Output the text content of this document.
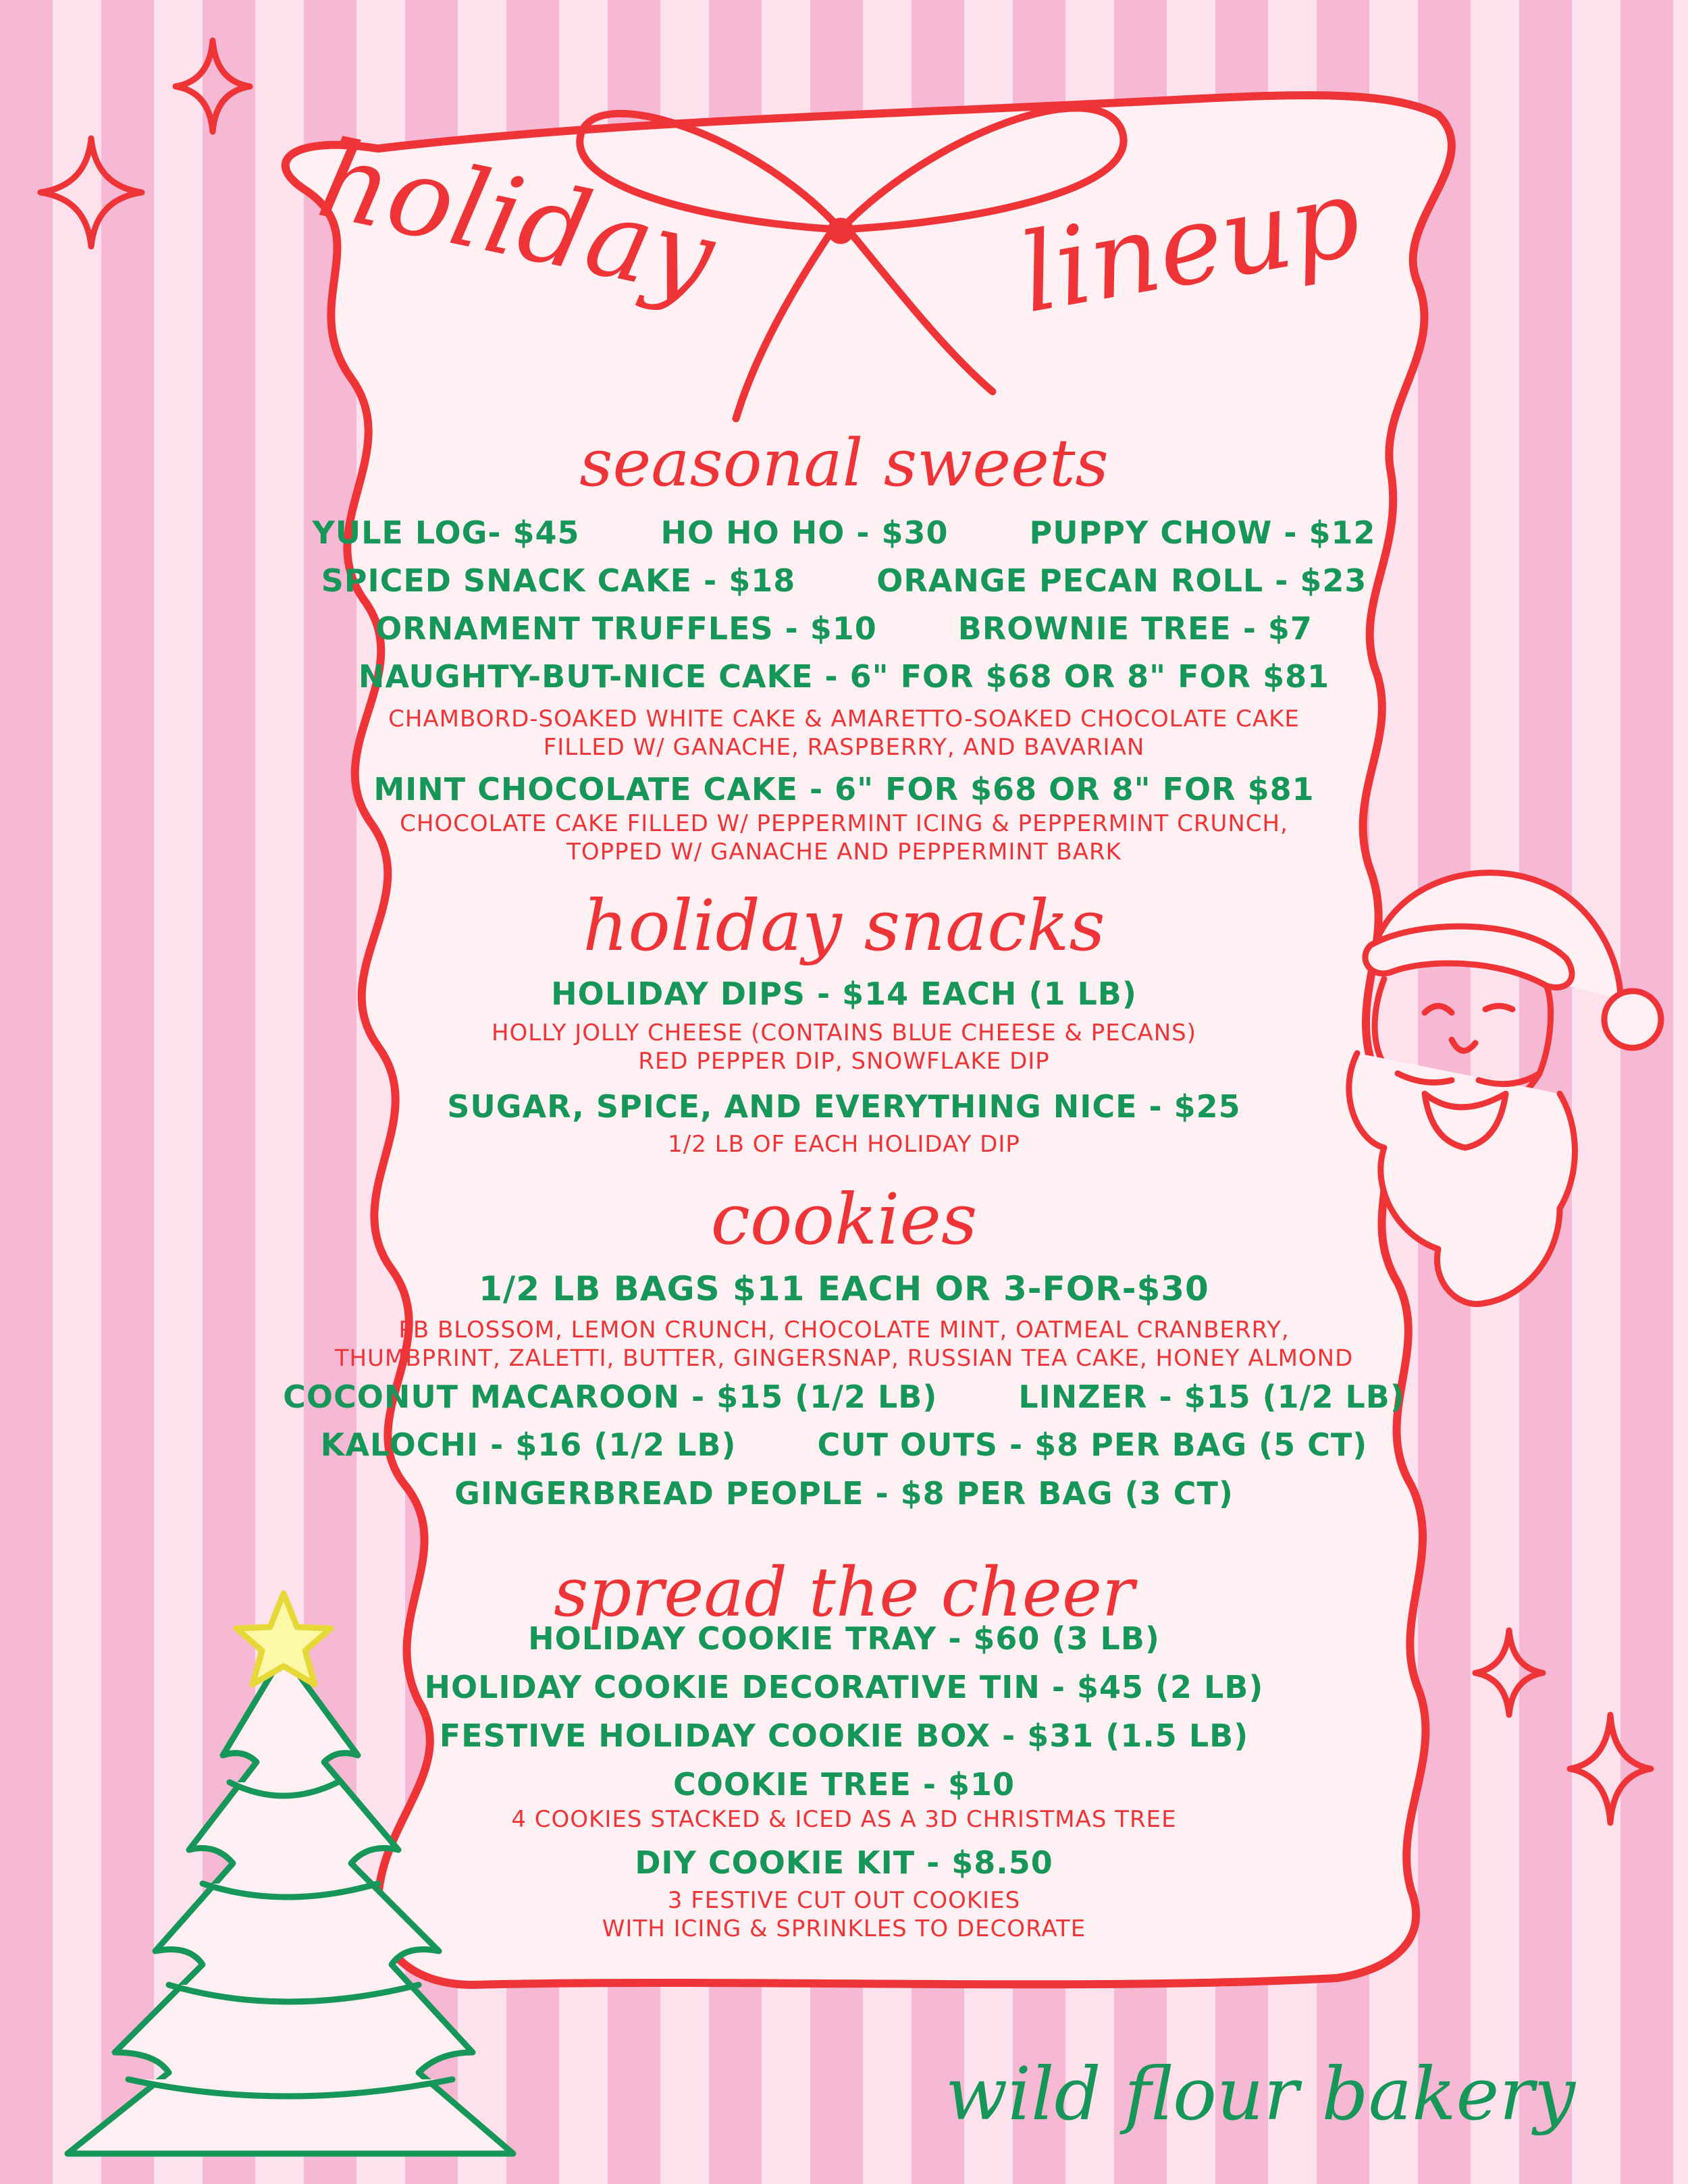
holiday	lineup
seasonal sweets
YULE LOG- $45	HO HO HO - $30	PUPPY CHOW - $12
SPICED SNACK CAKE - $18	ORANGE PECAN ROLL - $23
ORNAMENT TRUFFLES - $10	BROWNIE TREE - $7
NAUGHTY-BUT-NICE CAKE - 6" FOR $68 OR 8" FOR $81
CHAMBORD-SOAKED WHITE CAKE & AMARETTO-SOAKED CHOCOLATE CAKE
FILLED W/ GANACHE, RASPBERRY, AND BAVARIAN
MINT CHOCOLATE CAKE - 6" FOR $68 OR 8" FOR $81
CHOCOLATE CAKE FILLED W/ PEPPERMINT ICING & PEPPERMINT CRUNCH,
TOPPED W/ GANACHE AND PEPPERMINT BARK
holiday snacks
HOLIDAY DIPS - $14 EACH (1 LB)
HOLLY JOLLY CHEESE (CONTAINS BLUE CHEESE & PECANS)
RED PEPPER DIP, SNOWFLAKE DIP
SUGAR, SPICE, AND EVERYTHING NICE - $25
1/2 LB OF EACH HOLIDAY DIP
cookies
1/2 LB BAGS $11 EACH OR 3-FOR-$30
PB BLOSSOM, LEMON CRUNCH, CHOCOLATE MINT, OATMEAL CRANBERRY,
THUMBPRINT, ZALETTI, BUTTER, GINGERSNAP, RUSSIAN TEA CAKE, HONEY ALMOND
COCONUT MACAROON - $15 (1/2 LB)	LINZER - $15 (1/2 LB)
KALOCHI - $16 (1/2 LB)	CUT OUTS - $8 PER BAG (5 CT)
GINGERBREAD PEOPLE - $8 PER BAG (3 CT)
spread the cheer
HOLIDAY COOKIE TRAY - $60 (3 LB)
HOLIDAY COOKIE DECORATIVE TIN - $45 (2 LB)
FESTIVE HOLIDAY COOKIE BOX - $31 (1.5 LB)
COOKIE TREE - $10
4 COOKIES STACKED & ICED AS A 3D CHRISTMAS TREE
DIY COOKIE KIT - $8.50
3 FESTIVE CUT OUT COOKIES
WITH ICING & SPRINKLES TO DECORATE
wild flour bakery
